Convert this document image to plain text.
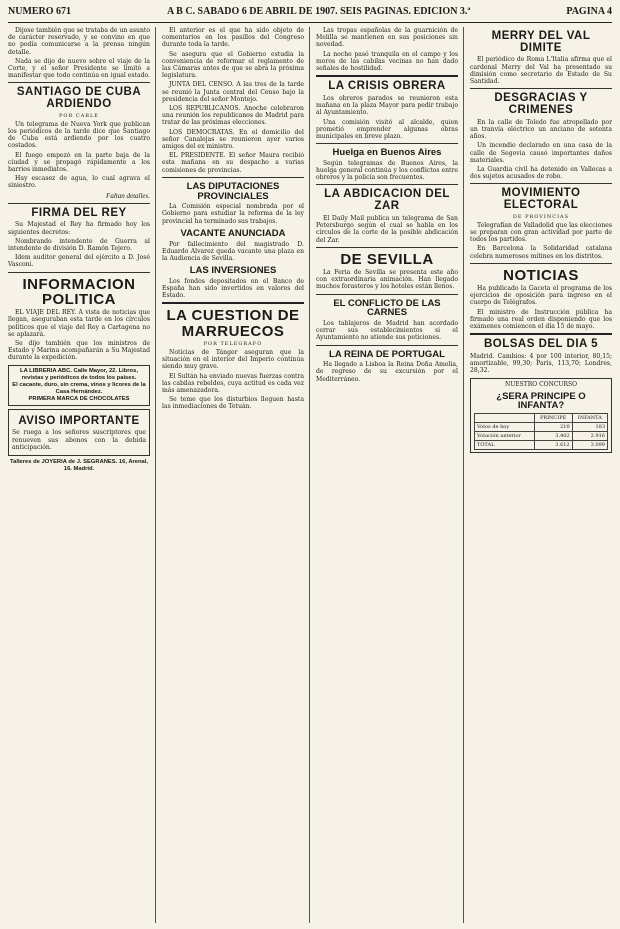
NUMERO 671	A B C. SABADO 6 DE ABRIL DE 1907. SEIS PAGINAS. EDICION 3.ª	PAGINA 4

Dijose también que se trataba de un asunto de carácter reservado, y se convino en que no podía comunicarse a la prensa ningún detalle.

Nada se dijo de nuevo sobre el viaje de la Corte, y el señor Presidente se limitó a manifestar que todo continúa en igual estado.

SANTIAGO DE CUBA ARDIENDO
POR CABLE

Un telegrama de Nueva York que publican los periódicos de la tarde dice que Santiago de Cuba está ardiendo por los cuatro costados.

El fuego empezó en la parte baja de la ciudad y se propagó rápidamente a los barrios inmediatos.

Hay escasez de agua, lo cual agrava el siniestro.

Faltan detalles.
FIRMA DEL REY

Su Majestad el Rey ha firmado hoy los siguientes decretos:

Nombrando intendente de Guerra al intendente de división D. Ramón Tejero.

Idem auditor general del ejército a D. José Vasconi.

INFORMACION POLITICA

EL VIAJE DEL REY. A vista de noticias que llegan, aseguraban esta tarde en los círculos políticos que el viaje del Rey a Cartagena no se aplazará.

Se dijo también que los ministros de Estado y Marina acompañarán a Su Majestad durante la expedición.

LA LIBRERIA ABC. Calle Mayor, 22. Libros, revistas y periódicos de todos los países.
El cacaote, duro, sin crema, vinos y licores de la Casa Hernández.
PRIMERA MARCA DE CHOCOLATES
AVISO IMPORTANTE

Se ruega a los señores suscriptores que renueven sus abonos con la debida anticipación.

Talleres de JOYERIA de J. SEGRANES. 16, Arenal, 16. Madrid.

El anterior es el que ha sido objeto de comentarios en los pasillos del Congreso durante toda la tarde.

Se asegura que el Gobierno estudia la conveniencia de reformar el reglamento de las Cámaras antes de que se abra la próxima legislatura.

JUNTA DEL CENSO. A las tres de la tarde se reunió la Junta central del Censo bajo la presidencia del señor Montejo.

LOS REPUBLICANOS. Anoche celebraron una reunión los republicanos de Madrid para tratar de las próximas elecciones.

LOS DEMOCRATAS. En el domicilio del señor Canalejas se reunieron ayer varios amigos del ex ministro.

EL PRESIDENTE. El señor Maura recibió esta mañana en su despacho a varias comisiones de provincias.

LAS DIPUTACIONES PROVINCIALES

La Comisión especial nombrada por el Gobierno para estudiar la reforma de la ley provincial ha terminado sus trabajos.

VACANTE ANUNCIADA

Por fallecimiento del magistrado D. Eduardo Alvarez queda vacante una plaza en la Audiencia de Sevilla.

LAS INVERSIONES

Los fondos depositados en el Banco de España han sido invertidos en valores del Estado.

LA CUESTION DE MARRUECOS
POR TELEGRAFO

Noticias de Tánger aseguran que la situación en el interior del Imperio continúa siendo muy grave.

El Sultán ha enviado nuevas fuerzas contra las cabilas rebeldes, cuya actitud es cada vez más amenazadora.

Se teme que los disturbios lleguen hasta las inmediaciones de Tetuán.

Las tropas españolas de la guarnición de Melilla se mantienen en sus posiciones sin novedad.

La noche pasó tranquila en el campo y los moros de las cabilas vecinas no han dado señales de hostilidad.

LA CRISIS OBRERA

Los obreros parados se reunieron esta mañana en la plaza Mayor para pedir trabajo al Ayuntamiento.

Una comisión visitó al alcalde, quien prometió emprender algunas obras municipales en breve plazo.

Huelga en Buenos Aires

Según telegramas de Buenos Aires, la huelga general continúa y los conflictos entre obreros y la policía son frecuentes.

LA ABDICACION DEL ZAR

El Daily Mail publica un telegrama de San Petersburgo según el cual se habla en los círculos de la corte de la posible abdicación del Zar.

DE SEVILLA

La Feria de Sevilla se presenta este año con extraordinaria animación. Han llegado muchos forasteros y los hoteles están llenos.

EL CONFLICTO DE LAS CARNES

Los tablajeros de Madrid han acordado cerrar sus establecimientos si el Ayuntamiento no atiende sus peticiones.

LA REINA DE PORTUGAL

Ha llegado a Lisboa la Reina Doña Amelia, de regreso de su excursión por el Mediterráneo.

MERRY DEL VAL DIMITE

El periódico de Roma L'Italia afirma que el cardenal Merry del Val ha presentado su dimisión como secretario de Estado de Su Santidad.

DESGRACIAS Y CRIMENES

En la calle de Toledo fue atropellado por un tranvía eléctrico un anciano de setenta años.

Un incendio declarado en una casa de la calle de Segovia causó importantes daños materiales.

La Guardia civil ha detenido en Vallecas a dos sujetos acusados de robo.

MOVIMIENTO ELECTORAL
DE PROVINCIAS

Telegrafían de Valladolid que las elecciones se preparan con gran actividad por parte de todos los partidos.

En Barcelona la Solidaridad catalana celebra numerosos mítines en los distritos.

NOTICIAS

Ha publicado la Gaceta el programa de los ejercicios de oposición para ingreso en el cuerpo de Telégrafos.

El ministro de Instrucción pública ha firmado una real orden disponiendo que los exámenes comiencen el día 15 de mayo.

BOLSAS DEL DIA 5

Madrid. Cambios: 4 por 100 interior, 80,15; amortizable, 99,30; París, 113,70; Londres, 28,32.

NUESTRO CONCURSO

¿SERA PRINCIPE O INFANTA?
	PRINCIPE	INFANTA
Votos de hoy	210	183
Votación anterior	3.402	2.916
TOTAL	3.612	3.099
